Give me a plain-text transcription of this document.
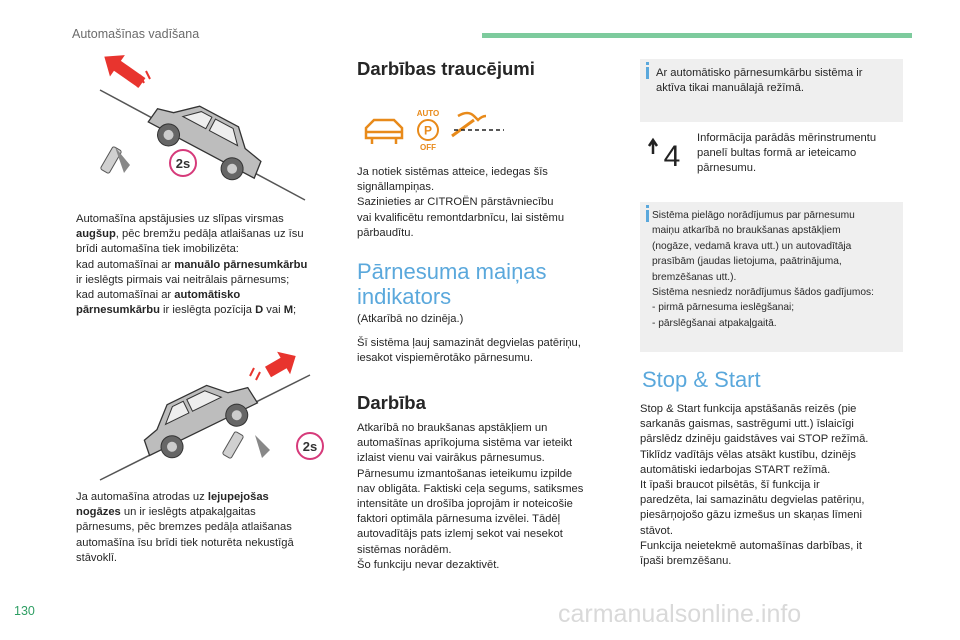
Automašīnas vadīšana
2s
Automašīna apstājusies uz slīpas virsmas
augšup, pēc bremžu pedāļa atlaišanas uz īsu
brīdi automašīna tiek imobilizēta:
kad automašīnai ar manuālo pārnesumkārbu
ir ieslēgts pirmais vai neitrālais pārnesums;
kad automašīnai ar automātisko
pārnesumkārbu ir ieslēgta pozīcija D vai M;
2s
Ja automašīna atrodas uz lejupejošas
nogāzes un ir ieslēgts atpakaļgaitas
pārnesums, pēc bremzes pedāļa atlaišanas
automašīna īsu brīdi tiek noturēta nekustīgā
stāvoklī.
Darbības traucējumi
AUTO
P
OFF
Ja notiek sistēmas atteice, iedegas šīs
signāllampiņas.
Sazinieties ar CITROËN pārstāvniecību
vai kvalificētu remontdarbnīcu, lai sistēmu
pārbaudītu.
Pārnesuma maiņas
indikators
(Atkarībā no dzinēja.)
Šī sistēma ļauj samazināt degvielas patēriņu,
iesakot vispiemērotāko pārnesumu.
Darbība
Atkarībā no braukšanas apstākļiem un
automašīnas aprīkojuma sistēma var ieteikt
izlaist vienu vai vairākus pārnesumus.
Pārnesumu izmantošanas ieteikumu izpilde
nav obligāta. Faktiski ceļa segums, satiksmes
intensitāte un drošība joprojām ir noteicošie
faktori optimāla pārnesuma izvēlei. Tādēļ
autovadītājs pats izlemj sekot vai nesekot
sistēmas norādēm.
Šo funkciju nevar dezaktivēt.
Ar automātisko pārnesumkārbu sistēma ir
aktīva tikai manuālajā režīmā.
4
Informācija parādās mērinstrumentu
panelī bultas formā ar ieteicamo
pārnesumu.
Sistēma pielāgo norādījumus par pārnesumu
maiņu atkarībā no braukšanas apstākļiem
(nogāze, vedamā krava utt.) un autovadītāja
prasībām (jaudas lietojuma, paātrinājuma,
bremzēšanas utt.).
Sistēma nesniedz norādījumus šādos gadījumos:
- pirmā pārnesuma ieslēgšanai;
- pārslēgšanai atpakaļgaitā.
Stop & Start
Stop & Start funkcija apstāšanās reizēs (pie
sarkanās gaismas, sastrēgumi utt.) īslaicīgi
pārslēdz dzinēju gaidstāves vai STOP režīmā.
Tiklīdz vadītājs vēlas atsākt kustību, dzinējs
automātiski iedarbojas START režīmā.
It īpaši braucot pilsētās, šī funkcija ir
paredzēta, lai samazinātu degvielas patēriņu,
piesārņojošo gāzu izmešus un skaņas līmeni
stāvot.
Funkcija neietekmē automašīnas darbības, it
īpaši bremzēšanu.
130	carmanualsonline.info
